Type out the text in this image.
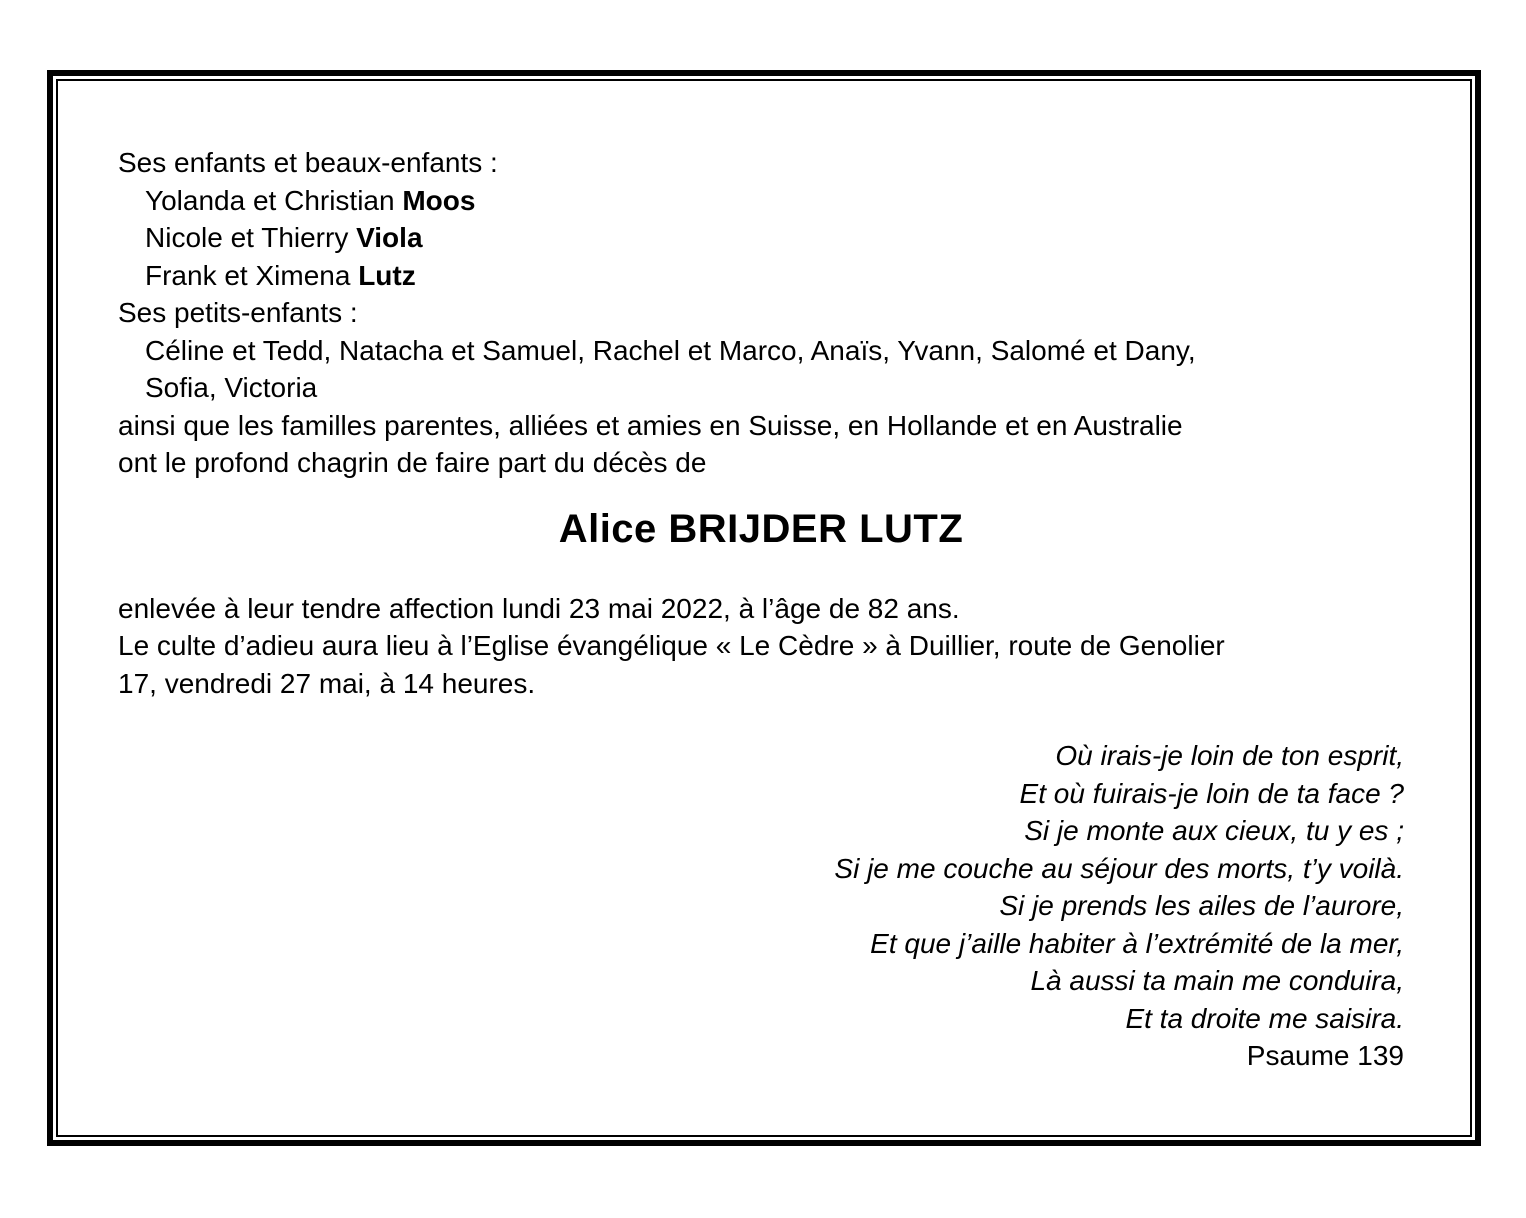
Ses enfants et beaux-enfants :
Yolanda et Christian Moos
Nicole et Thierry Viola
Frank et Ximena Lutz
Ses petits-enfants :
Céline et Tedd, Natacha et Samuel, Rachel et Marco, Anaïs, Yvann, Salomé et Dany,
Sofia, Victoria
ainsi que les familles parentes, alliées et amies en Suisse, en Hollande et en Australie
ont le profond chagrin de faire part du décès de
Alice BRIJDER LUTZ
enlevée à leur tendre affection lundi 23 mai 2022, à l’âge de 82 ans.
Le culte d’adieu aura lieu à l’Eglise évangélique « Le Cèdre » à Duillier, route de Genolier
17, vendredi 27 mai, à 14 heures.
Où irais-je loin de ton esprit,
Et où fuirais-je loin de ta face ?
Si je monte aux cieux, tu y es ;
Si je me couche au séjour des morts, t’y voilà.
Si je prends les ailes de l’aurore,
Et que j’aille habiter à l’extrémité de la mer,
Là aussi ta main me conduira,
Et ta droite me saisira.
Psaume 139
